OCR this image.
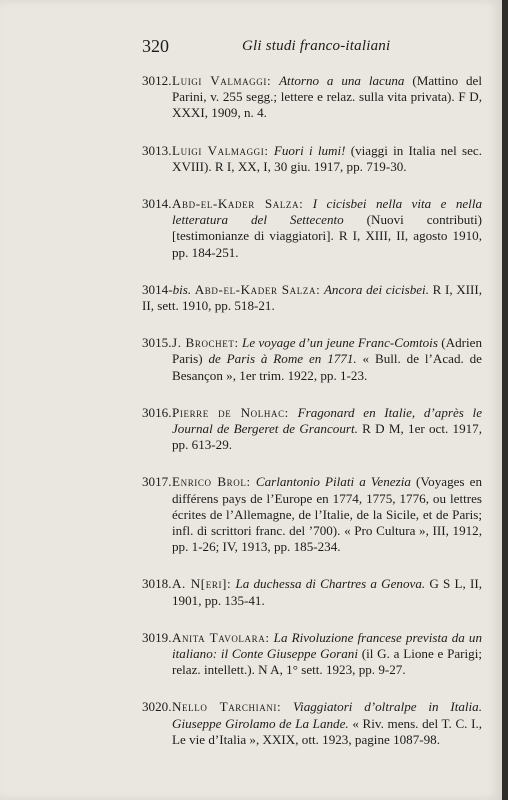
320	Gli studi franco-italiani
3012. Luigi Valmaggi: Attorno a una lacuna (Mattino del Parini, v. 255 segg.; lettere e relaz. sulla vita privata). F D, XXXI, 1909, n. 4.
3013. Luigi Valmaggi: Fuori i lumi! (viaggi in Italia nel sec. XVIII). R I, XX, I, 30 giu. 1917, pp. 719-30.
3014. Abd-el-Kader Salza: I cicisbei nella vita e nella letteratura del Settecento (Nuovi contributi) [testimonianze di viaggiatori]. R I, XIII, II, agosto 1910, pp. 184-251.
3014-bis. Abd-el-Kader Salza: Ancora dei cicisbei. R I, XIII, II, sett. 1910, pp. 518-21.
3015. J. Brochet: Le voyage d’un jeune Franc-Comtois (Adrien Paris) de Paris à Rome en 1771. « Bull. de l’Acad. de Besançon », 1er trim. 1922, pp. 1-23.
3016. Pierre de Nolhac: Fragonard en Italie, d’après le Journal de Bergeret de Grancourt. R D M, 1er oct. 1917, pp. 613-29.
3017. Enrico Brol: Carlantonio Pilati a Venezia (Voyages en différens pays de l’Europe en 1774, 1775, 1776, ou lettres écrites de l’Allemagne, de l’Italie, de la Sicile, et de Paris; infl. di scrittori franc. del ’700). « Pro Cultura », III, 1912, pp. 1-26; IV, 1913, pp. 185-234.
3018. A. N[eri]: La duchessa di Chartres a Genova. G S L, II, 1901, pp. 135-41.
3019. Anita Tavolara: La Rivoluzione francese prevista da un italiano: il Conte Giuseppe Gorani (il G. a Lione e Parigi; relaz. intellett.). N A, 1° sett. 1923, pp. 9-27.
3020. Nello Tarchiani: Viaggiatori d’oltralpe in Italia. Giuseppe Girolamo de La Lande. « Riv. mens. del T. C. I., Le vie d’Italia », XXIX, ott. 1923, pagine 1087-98.
